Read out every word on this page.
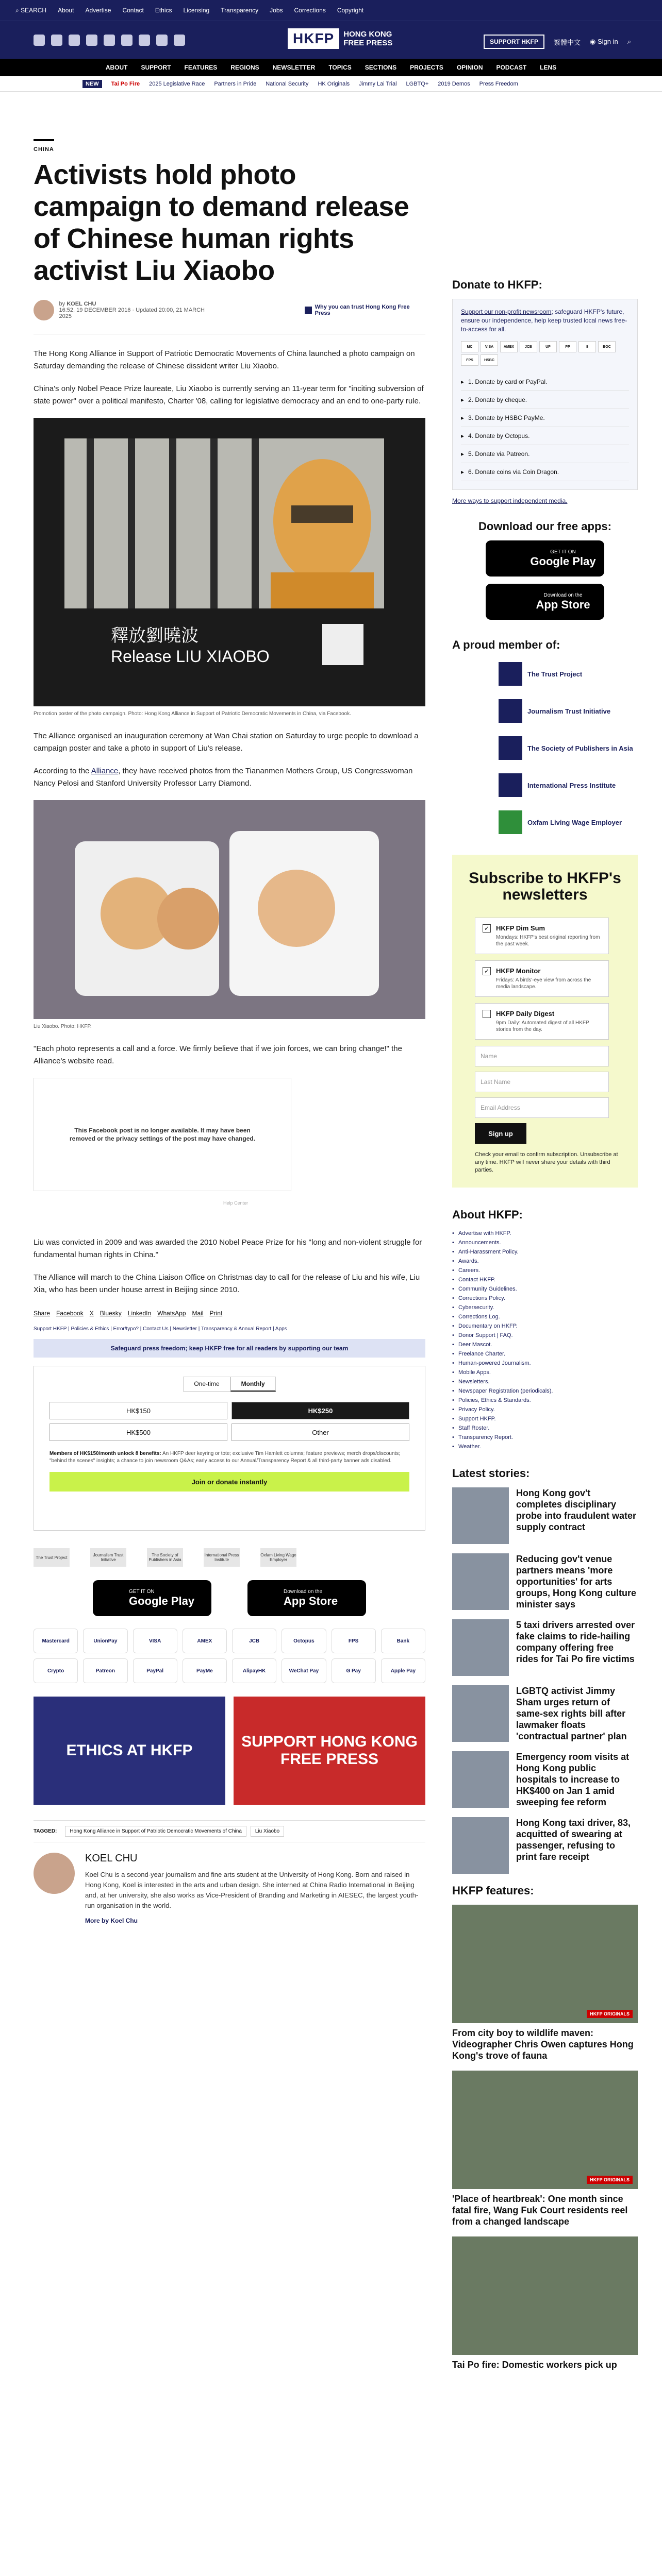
⌕ SEARCH About Advertise Contact Ethics Licensing Transparency Jobs Corrections Copyright
HKFP	HONG KONG
FREE PRESS	SUPPORT HKFP	繁體中文 ◉ Sign in ⌕
ABOUT SUPPORT FEATURES REGIONS NEWSLETTER TOPICS SECTIONS PROJECTS OPINION PODCAST LENS
NEW	Tai Po Fire 2025 Legislative Race Partners in Pride National Security HK Originals Jimmy Lai Trial LGBTQ+ 2019 Demos Press Freedom
CHINA
Activists hold photo campaign to demand release of Chinese human rights activist Liu Xiaobo
by KOEL CHU
16:52, 19 DECEMBER 2016 · Updated 20:00, 21 MARCH 2025
Why you can trust Hong Kong Free Press

The Hong Kong Alliance in Support of Patriotic Democratic Movements of China launched a photo campaign on Saturday demanding the release of Chinese dissident writer Liu Xiaobo.

China's only Nobel Peace Prize laureate, Liu Xiaobo is currently serving an 11-year term for "inciting subversion of state power" over a political manifesto, Charter '08, calling for legislative democracy and an end to one-party rule.

釋放劉曉波
Release LIU XIAOBO
Promotion poster of the photo campaign. Photo: Hong Kong Alliance in Support of Patriotic Democratic Movements in China, via Facebook.

The Alliance organised an inauguration ceremony at Wan Chai station on Saturday to urge people to download a campaign poster and take a photo in support of Liu's release.

According to the Alliance, they have received photos from the Tiananmen Mothers Group, US Congresswoman Nancy Pelosi and Stanford University Professor Larry Diamond.

Liu Xiaobo. Photo: HKFP.

"Each photo represents a call and a force. We firmly believe that if we join forces, we can bring change!" the Alliance's website read.

This Facebook post is no longer available. It may have been removed or the privacy settings of the post may have changed.
Help Center

Liu was convicted in 2009 and was awarded the 2010 Nobel Peace Prize for his "long and non-violent struggle for fundamental human rights in China."

The Alliance will march to the China Liaison Office on Christmas day to call for the release of Liu and his wife, Liu Xia, who has been under house arrest in Beijing since 2010.

Share Facebook X Bluesky LinkedIn WhatsApp Mail Print
Support HKFP | Policies & Ethics | Error/typo? | Contact Us | Newsletter | Transparency & Annual Report | Apps
Safeguard press freedom; keep HKFP free for all readers by supporting our team
One-time	Monthly
HK$150	HK$250
HK$500	Other
Members of HK$150/month unlock 8 benefits: An HKFP deer keyring or tote; exclusive Tim Hamlett columns; feature previews; merch drops/discounts; "behind the scenes" insights; a chance to join newsroom Q&As; early access to our Annual/Transparency Report & all third-party banner ads disabled.
Join or donate instantly
The Trust Project	Journalism Trust Initiative
The Society of Publishers in Asia
International Press Institute
Oxfam Living Wage Employer
GET IT ON
Google Play
Download on the
App Store
Mastercard	UnionPay	VISA	AMEX	JCB	Octopus	FPS	Bank
Crypto	Patreon	PayPal	PayMe	AlipayHK	WeChat Pay	G Pay	Apple Pay
ETHICS AT HKFP
SUPPORT HONG KONG FREE PRESS
TAGGED:	Hong Kong Alliance in Support of Patriotic Democratic Movements of China	Liu Xiaobo
KOEL CHU

Koel Chu is a second-year journalism and fine arts student at the University of Hong Kong. Born and raised in Hong Kong, Koel is interested in the arts and urban design. She interned at China Radio International in Beijing and, at her university, she also works as Vice-President of Branding and Marketing in AIESEC, the largest youth-run organisation in the world.

More by Koel Chu
Donate to HKFP:

Support our non-profit newsroom; safeguard HKFP's future, ensure our independence, help keep trusted local news free-to-access for all.

MC	VISA	AMEX	JCB	UP	PP	8	BOC
FPS	HSBC
▸ 1. Donate by card or PayPal.
▸ 2. Donate by cheque.
▸ 3. Donate by HSBC PayMe.
▸ 4. Donate by Octopus.
▸ 5. Donate via Patreon.
▸ 6. Donate coins via Coin Dragon.
More ways to support independent media.
Download our free apps:
GET IT ON
Google Play
Download on the
App Store
A proud member of:
The Trust Project
Journalism Trust Initiative
The Society of Publishers in Asia
International Press Institute
Oxfam Living Wage Employer
Subscribe to HKFP's newsletters
✓ HKFP Dim Sum
Mondays: HKFP's best original reporting from the past week.
✓ HKFP Monitor
Fridays: A birds'-eye view from across the media landscape.
HKFP Daily Digest
9pm Daily: Automated digest of all HKFP stories from the day.
Name
Last Name
Email Address
Sign up
Check your email to confirm subscription. Unsubscribe at any time. HKFP will never share your details with third parties.
About HKFP:
• Advertise with HKFP.
• Announcements.
• Anti-Harassment Policy.
• Awards.
• Careers.
• Contact HKFP.
• Community Guidelines.
• Corrections Policy.
• Cybersecurity.
• Corrections Log.
• Documentary on HKFP.
• Donor Support | FAQ.
• Deer Mascot.
• Freelance Charter.
• Human-powered Journalism.
• Mobile Apps.
• Newsletters.
• Newspaper Registration (periodicals).
• Policies, Ethics & Standards.
• Privacy Policy.
• Support HKFP.
• Staff Roster.
• Transparency Report.
• Weather.
Latest stories:
Hong Kong gov't completes disciplinary probe into fraudulent water supply contract
Reducing gov't venue partners means 'more opportunities' for arts groups, Hong Kong culture minister says
5 taxi drivers arrested over fake claims to ride-hailing company offering free rides for Tai Po fire victims
LGBTQ activist Jimmy Sham urges return of same-sex rights bill after lawmaker floats 'contractual partner' plan
Emergency room visits at Hong Kong public hospitals to increase to HK$400 on Jan 1 amid sweeping fee reform
Hong Kong taxi driver, 83, acquitted of swearing at passenger, refusing to print fare receipt
HKFP features:
HKFP ORIGINALS
From city boy to wildlife maven: Videographer Chris Owen captures Hong Kong's trove of fauna
HKFP ORIGINALS
'Place of heartbreak': One month since fatal fire, Wang Fuk Court residents reel from a changed landscape
Tai Po fire: Domestic workers pick up
